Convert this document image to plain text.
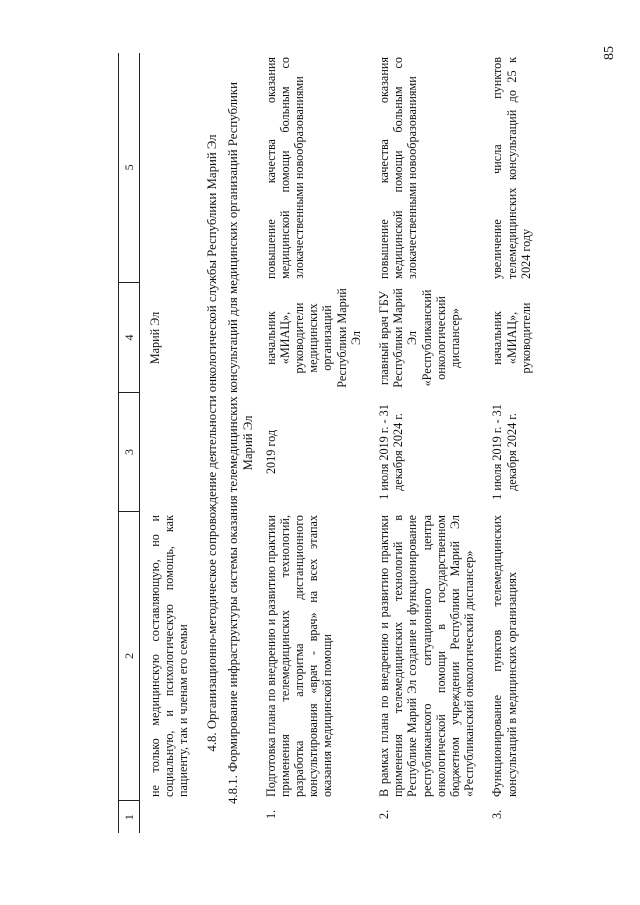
85
1
2
3
4
5
не только медицинскую составляющую, но и социальную, и психологическую помощь, как пациенту, так и членам его семьи
Марий Эл	4.8. Организационно-методическое сопровождение деятельности онкологической службы Республики Марий Эл 4.8.1. Формирование инфраструктуры системы оказания телемедицинских консультаций для медицинских организаций Республики Марий Эл
1.
Подготовка плана по внедрению и развитию практики применения телемедицинских технологий, разработка алгоритма дистанционного консультирования «врач - врач» на всех этапах оказания медицинской помощи
2019 год
начальник «МИАЦ», руководители медицинских организаций Республики Марий Эл
повышение качества оказания медицинской помощи больным со злокачественными новообразованиями
2.
В рамках плана по внедрению и развитию практики применения телемедицинских технологий в Республике Марий Эл создание и функционирование республиканского ситуационного центра онкологической помощи в государственном бюджетном учреждении Республики Марий Эл «Республиканский онкологический диспансер»
1 июля 2019 г. - 31 декабря 2024 г.
главный врач ГБУ Республики Марий Эл «Республиканский онкологический диспансер»
повышение качества оказания медицинской помощи больным со злокачественными новообразованиями
3.
Функционирование пунктов телемедицинских консультаций в медицинских организациях
1 июля 2019 г. - 31 декабря 2024 г.
начальник «МИАЦ», руководители
увеличение числа пунктов телемедицинских консультаций до 25 к 2024 году
